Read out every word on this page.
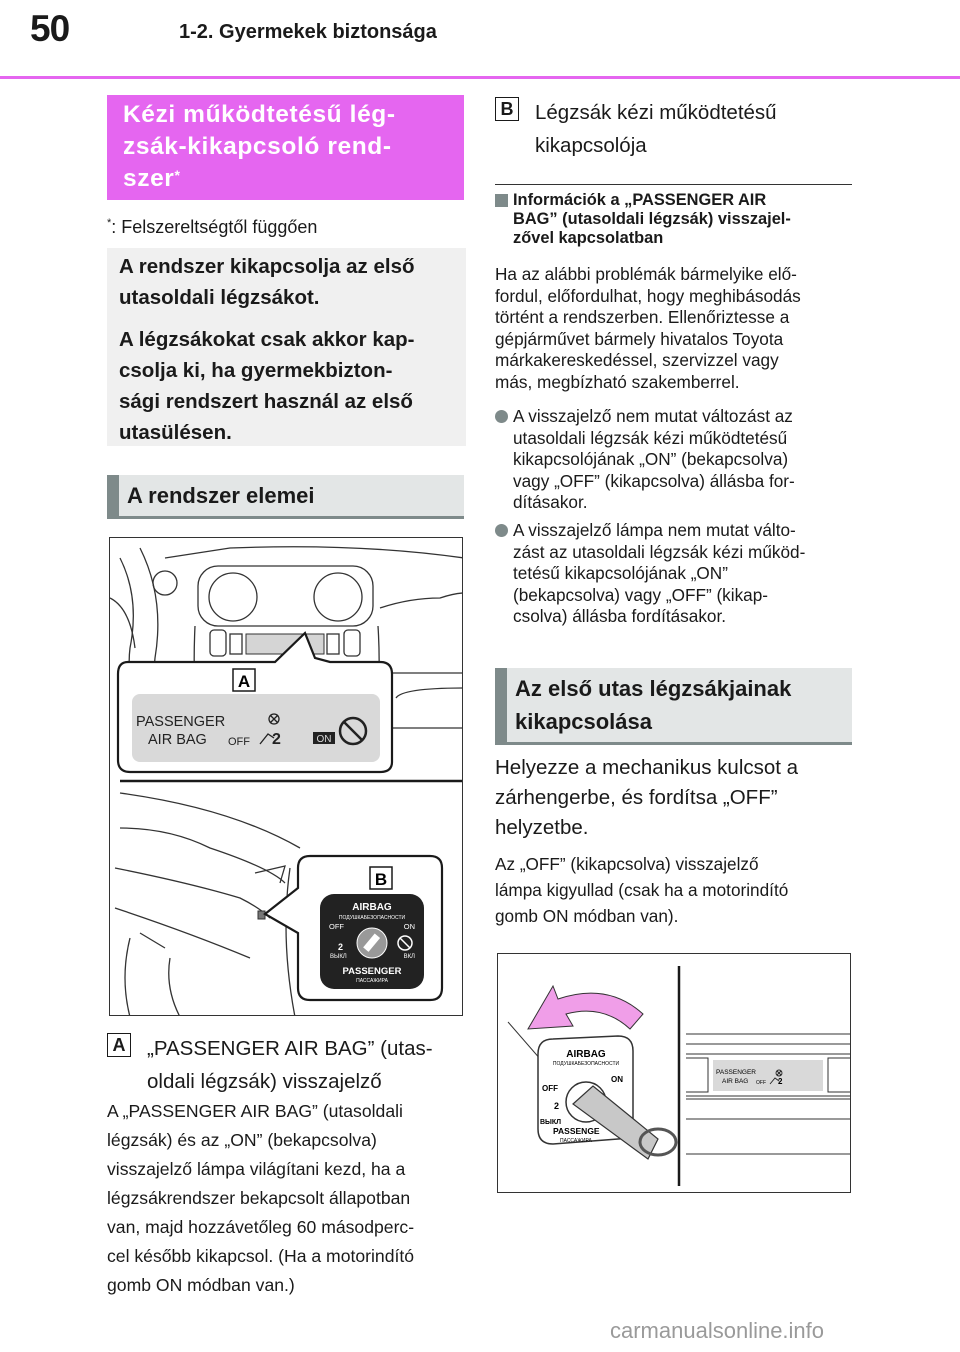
50	1-2. Gyermekek biztonsága
Kézi működtetésű lég-
zsák-kikapcsoló rend-
szer*
*: Felszereltségtől függően

A rendszer kikapcsolja az első
utasoldali légzsákot.

A légzsákokat csak akkor kap-
csolja ki, ha gyermekbizton-
sági rendszert használ az első
utasülésen.

A rendszer elemei
A
PASSENGER
AIR BAG OFF 2	ON
B
AIRBAG
ПОДУШКАБЕЗОПАСНОСТИ
OFF	ON
ВЫКЛ	ВКЛ
2
PASSENGER
ПАССАЖИРА
A „PASSENGER AIR BAG” (utas-
oldali légzsák) visszajelző
A „PASSENGER AIR BAG” (utasoldali
légzsák) és az „ON” (bekapcsolva)
visszajelző lámpa világítani kezd, ha a
légzsákrendszer bekapcsolt állapotban
van, majd hozzávetőleg 60 másodperc-
cel később kikapcsol. (Ha a motorindító
gomb ON módban van.)
B Légzsák kézi működtetésű
kikapcsolója
Információk a „PASSENGER AIR
BAG” (utasoldali légzsák) visszajel-
zővel kapcsolatban
Ha az alábbi problémák bármelyike elő-
fordul, előfordulhat, hogy meghibásodás
történt a rendszerben. Ellenőriztesse a
gépjárművet bármely hivatalos Toyota
márkakereskedéssel, szervizzel vagy
más, megbízható szakemberrel.
A visszajelző nem mutat változást az
utasoldali légzsák kézi működtetésű
kikapcsolójának „ON” (bekapcsolva)
vagy „OFF” (kikapcsolva) állásba for-
dításakor.
A visszajelző lámpa nem mutat válto-
zást az utasoldali légzsák kézi működ-
tetésű kikapcsolójának „ON”
(bekapcsolva) vagy „OFF” (kikap-
csolva) állásba fordításakor.
Az első utas légzsákjainak
kikapcsolása
Helyezze a mechanikus kulcsot a
zárhengerbe, és fordítsa „OFF”
helyzetbe.
Az „OFF” (kikapcsolva) visszajelző
lámpa kigyullad (csak ha a motorindító
gomb ON módban van).
AIRBAG
ПОДУШКАБЕЗОПАСНОСТИ
OFF
ON
2
ВЫКЛ
PASSENGE
ПАССАЖИРА
PASSENGER
AIR BAG OFF 2
carmanualsonline.info
